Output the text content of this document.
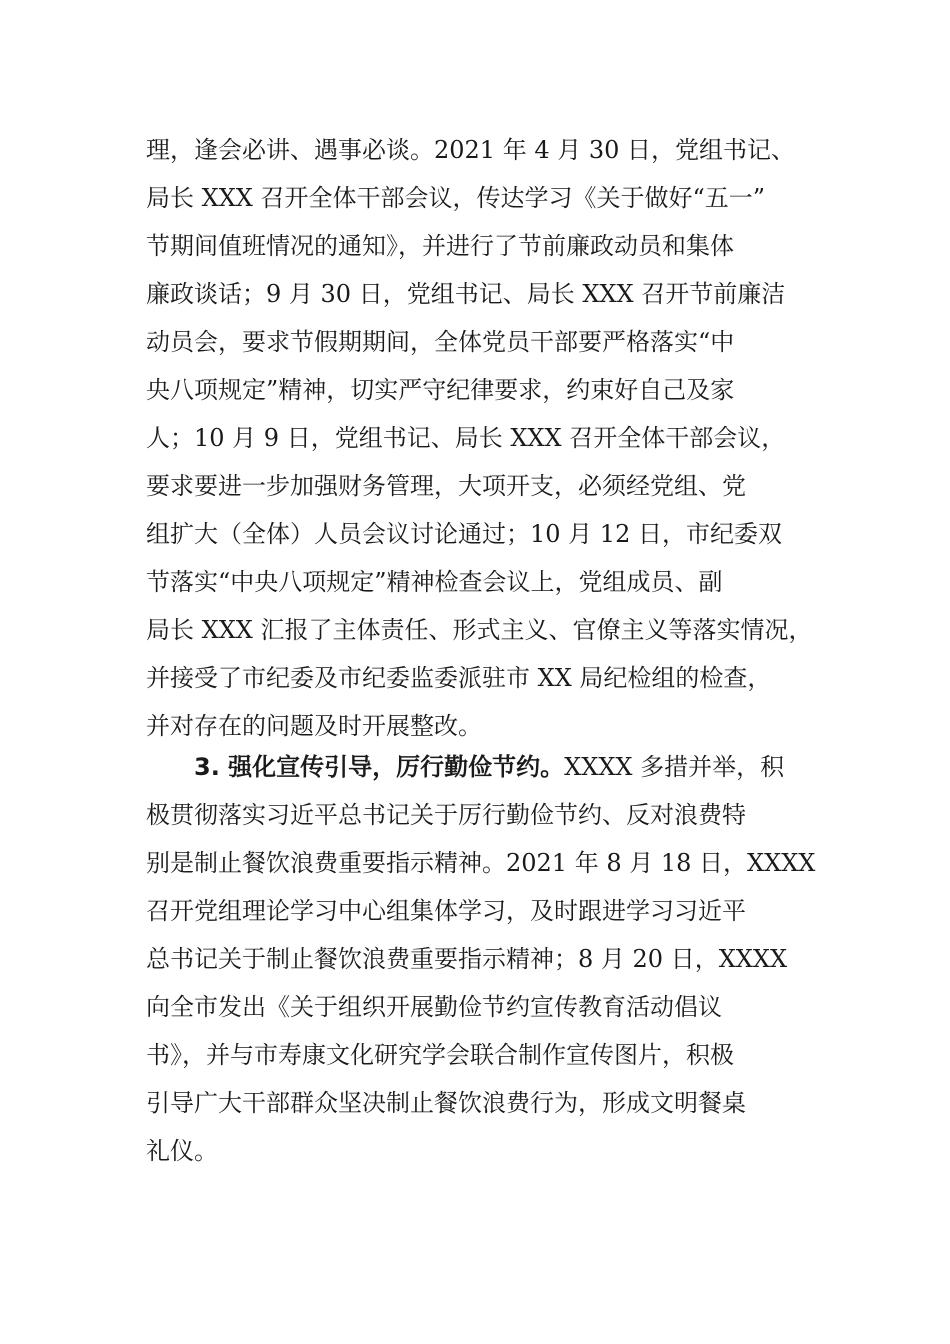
理，逢会必讲、遇事必谈。2021 年 4 月 30 日，党组书记、
局长 XXX 召开全体干部会议，传达学习《关于做好“五一”
节期间值班情况的通知》，并进行了节前廉政动员和集体
廉政谈话；9 月 30 日，党组书记、局长 XXX 召开节前廉洁
动员会，要求节假期期间，全体党员干部要严格落实“中
央八项规定”精神，切实严守纪律要求，约束好自己及家
人；10 月 9 日，党组书记、局长 XXX 召开全体干部会议，
要求要进一步加强财务管理，大项开支，必须经党组、党
组扩大（全体）人员会议讨论通过；10 月 12 日，市纪委双
节落实“中央八项规定”精神检查会议上，党组成员、副
局长 XXX 汇报了主体责任、形式主义、官僚主义等落实情况，
并接受了市纪委及市纪委监委派驻市 XX 局纪检组的检查，
并对存在的问题及时开展整改。
3. 强化宣传引导，厉行勤俭节约。XXXX 多措并举，积
极贯彻落实习近平总书记关于厉行勤俭节约、反对浪费特
别是制止餐饮浪费重要指示精神。2021 年 8 月 18 日，XXXX
召开党组理论学习中心组集体学习，及时跟进学习习近平
总书记关于制止餐饮浪费重要指示精神；8 月 20 日，XXXX
向全市发出《关于组织开展勤俭节约宣传教育活动倡议
书》，并与市寿康文化研究学会联合制作宣传图片，积极
引导广大干部群众坚决制止餐饮浪费行为，形成文明餐桌
礼仪。
